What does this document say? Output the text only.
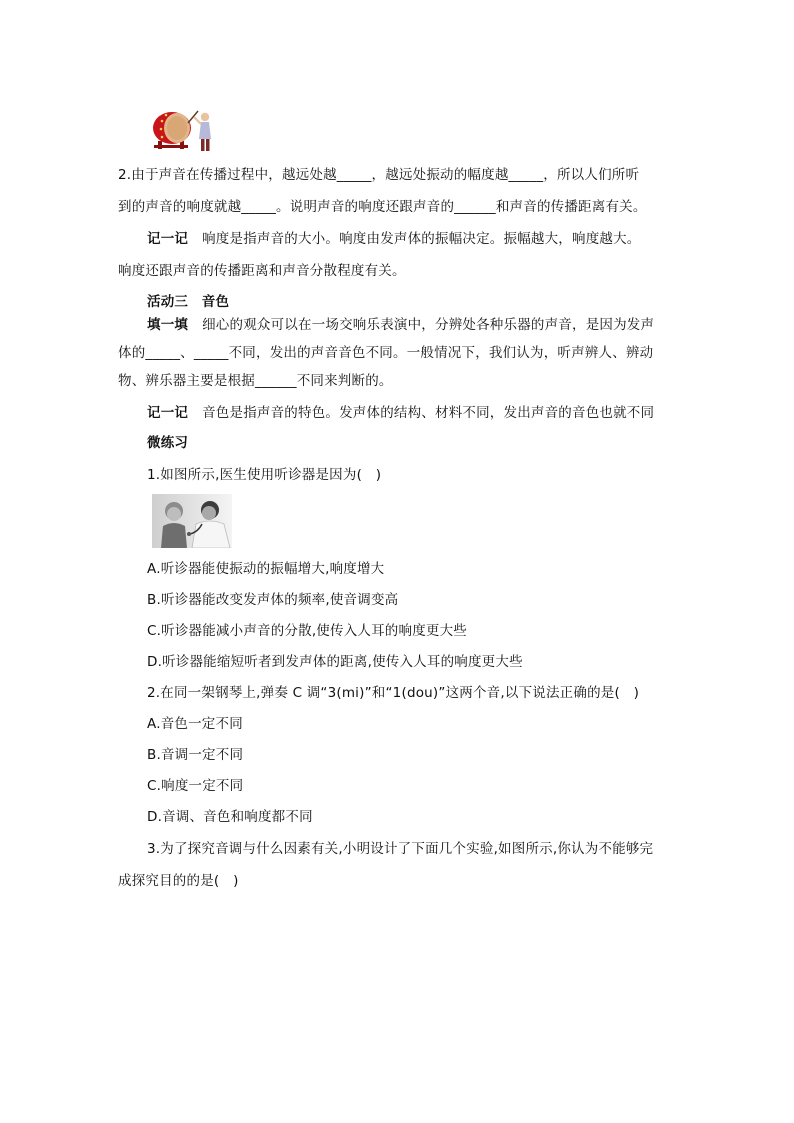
2.由于声音在传播过程中，越远处越_____，越远处振动的幅度越_____，所以人们所听
到的声音的响度就越_____。说明声音的响度还跟声音的______和声音的传播距离有关。
记一记 响度是指声音的大小。响度由发声体的振幅决定。振幅越大，响度越大。
响度还跟声音的传播距离和声音分散程度有关。
活动三　音色
填一填 细心的观众可以在一场交响乐表演中，分辨处各种乐器的声音，是因为发声
体的_____、_____不同，发出的声音音色不同。一般情况下，我们认为，听声辨人、辨动
物、辨乐器主要是根据______不同来判断的。
记一记 音色是指声音的特色。发声体的结构、材料不同，发出声音的音色也就不同
微练习
1.如图所示,医生使用听诊器是因为(　)
A.听诊器能使振动的振幅增大,响度增大
B.听诊器能改变发声体的频率,使音调变高
C.听诊器能减小声音的分散,使传入人耳的响度更大些
D.听诊器能缩短听者到发声体的距离,使传入人耳的响度更大些
2.在同一架钢琴上,弹奏 C 调“3(mi)”和“1(dou)”这两个音,以下说法正确的是(　)
A.音色一定不同
B.音调一定不同
C.响度一定不同
D.音调、音色和响度都不同
3.为了探究音调与什么因素有关,小明设计了下面几个实验,如图所示,你认为不能够完
成探究目的的是(　)
